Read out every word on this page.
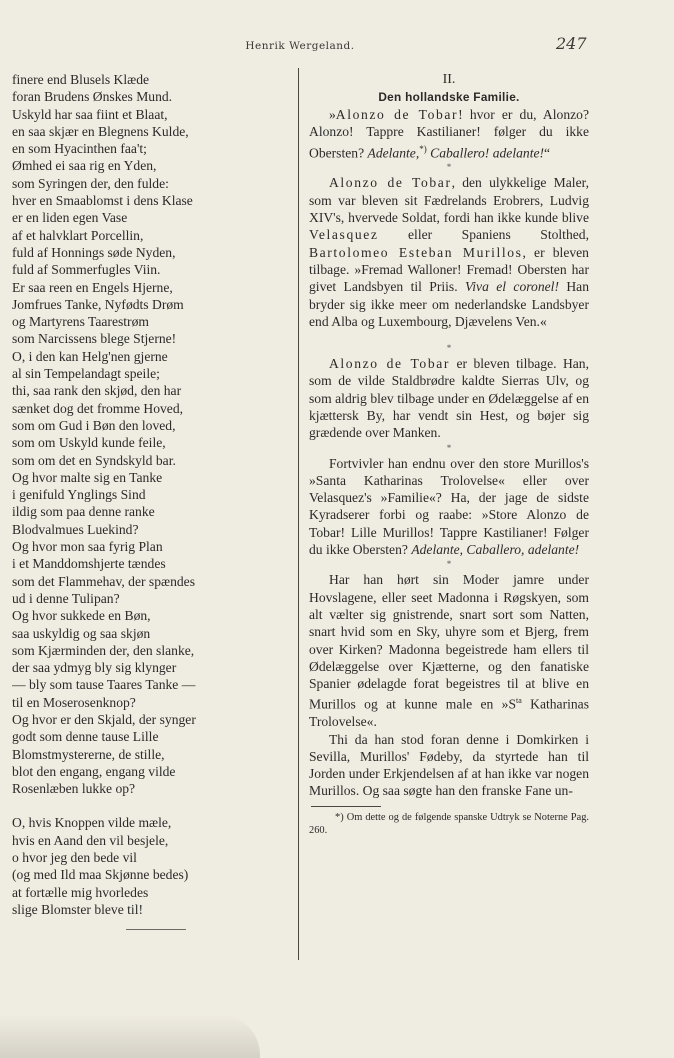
Henrik Wergeland.	247
finere end Blusels Klæde
foran Brudens Ønskes Mund.
Uskyld har saa fiint et Blaat,
en saa skjær en Blegnens Kulde,
en som Hyacinthen faa't;
Ømhed ei saa rig en Yden,
som Syringen der, den fulde:
hver en Smaablomst i dens Klase
er en liden egen Vase
af et halvklart Porcellin,
fuld af Honnings søde Nyden,
fuld af Sommerfugles Viin.
Er saa reen en Engels Hjerne,
Jomfrues Tanke, Nyfødts Drøm
og Martyrens Taarestrøm
som Narcissens blege Stjerne!
O, i den kan Helg'nen gjerne
al sin Tempelandagt speile;
thi, saa rank den skjød, den har
sænket dog det fromme Hoved,
som om Gud i Bøn den loved,
som om Uskyld kunde feile,
som om det en Syndskyld bar.
Og hvor malte sig en Tanke
i genifuld Ynglings Sind
ildig som paa denne ranke
Blodvalmues Luekind?
Og hvor mon saa fyrig Plan
i et Manddomshjerte tændes
som det Flammehav, der spændes
ud i denne Tulipan?
Og hvor sukkede en Bøn,
saa uskyldig og saa skjøn
som Kjærminden der, den slanke,
der saa ydmyg bly sig klynger
— bly som tause Taares Tanke —
til en Moserosenknop?
Og hvor er den Skjald, der synger
godt som denne tause Lille
Blomstmystererne, de stille,
blot den engang, engang vilde
Rosenlæben lukke op?
O, hvis Knoppen vilde mæle,
hvis en Aand den vil besjele,
o hvor jeg den bede vil
(og med Ild maa Skjønne bedes)
at fortælle mig hvorledes
slige Blomster bleve til!
II.
Den hollandske Familie.

»Alonzo de Tobar! hvor er du, Alonzo? Alonzo! Tappre Kastilianer! følger du ikke Obersten? Adelante,*) Caballero! adelante!“

*

Alonzo de Tobar, den ulykkelige Maler, som var bleven sit Fædrelands Erobrers, Ludvig XIV's, hvervede Soldat, fordi han ikke kunde blive Velasquez eller Spaniens Stolthed, Bartolomeo Esteban Murillos, er bleven tilbage. »Fremad Walloner! Fremad! Obersten har givet Landsbyen til Priis. Viva el coronel! Han bryder sig ikke meer om nederlandske Landsbyer end Alba og Luxembourg, Djævelens Ven.«

*

Alonzo de Tobar er bleven tilbage. Han, som de vilde Staldbrødre kaldte Sierras Ulv, og som aldrig blev tilbage under en Ødelæggelse af en kjættersk By, har vendt sin Hest, og bøjer sig grædende over Manken.

*

Fortvivler han endnu over den store Murillos's »Santa Katharinas Trolovelse« eller over Velasquez's »Familie«? Ha, der jage de sidste Kyradserer forbi og raabe: »Store Alonzo de Tobar! Lille Murillos! Tappre Kastilianer! Følger du ikke Obersten? Adelante, Caballero, adelante!

*

Har han hørt sin Moder jamre under Hovslagene, eller seet Madonna i Røgskyen, som alt vælter sig gnistrende, snart sort som Natten, snart hvid som en Sky, uhyre som et Bjerg, frem over Kirken? Madonna begeistrede ham ellers til Ødelæggelse over Kjætterne, og den fanatiske Spanier ødelagde forat begeistres til at blive en Murillos og at kunne male en $»S^{ta}$ Katharinas Trolovelse«.

Thi da han stod foran denne i Domkirken i Sevilla, Murillos' Fødeby, da styrtede han til Jorden under Erkjendelsen af at han ikke var nogen Murillos. Og saa søgte han den franske Fane un-

*) Om dette og de følgende spanske Udtryk se Noterne Pag. 260.
